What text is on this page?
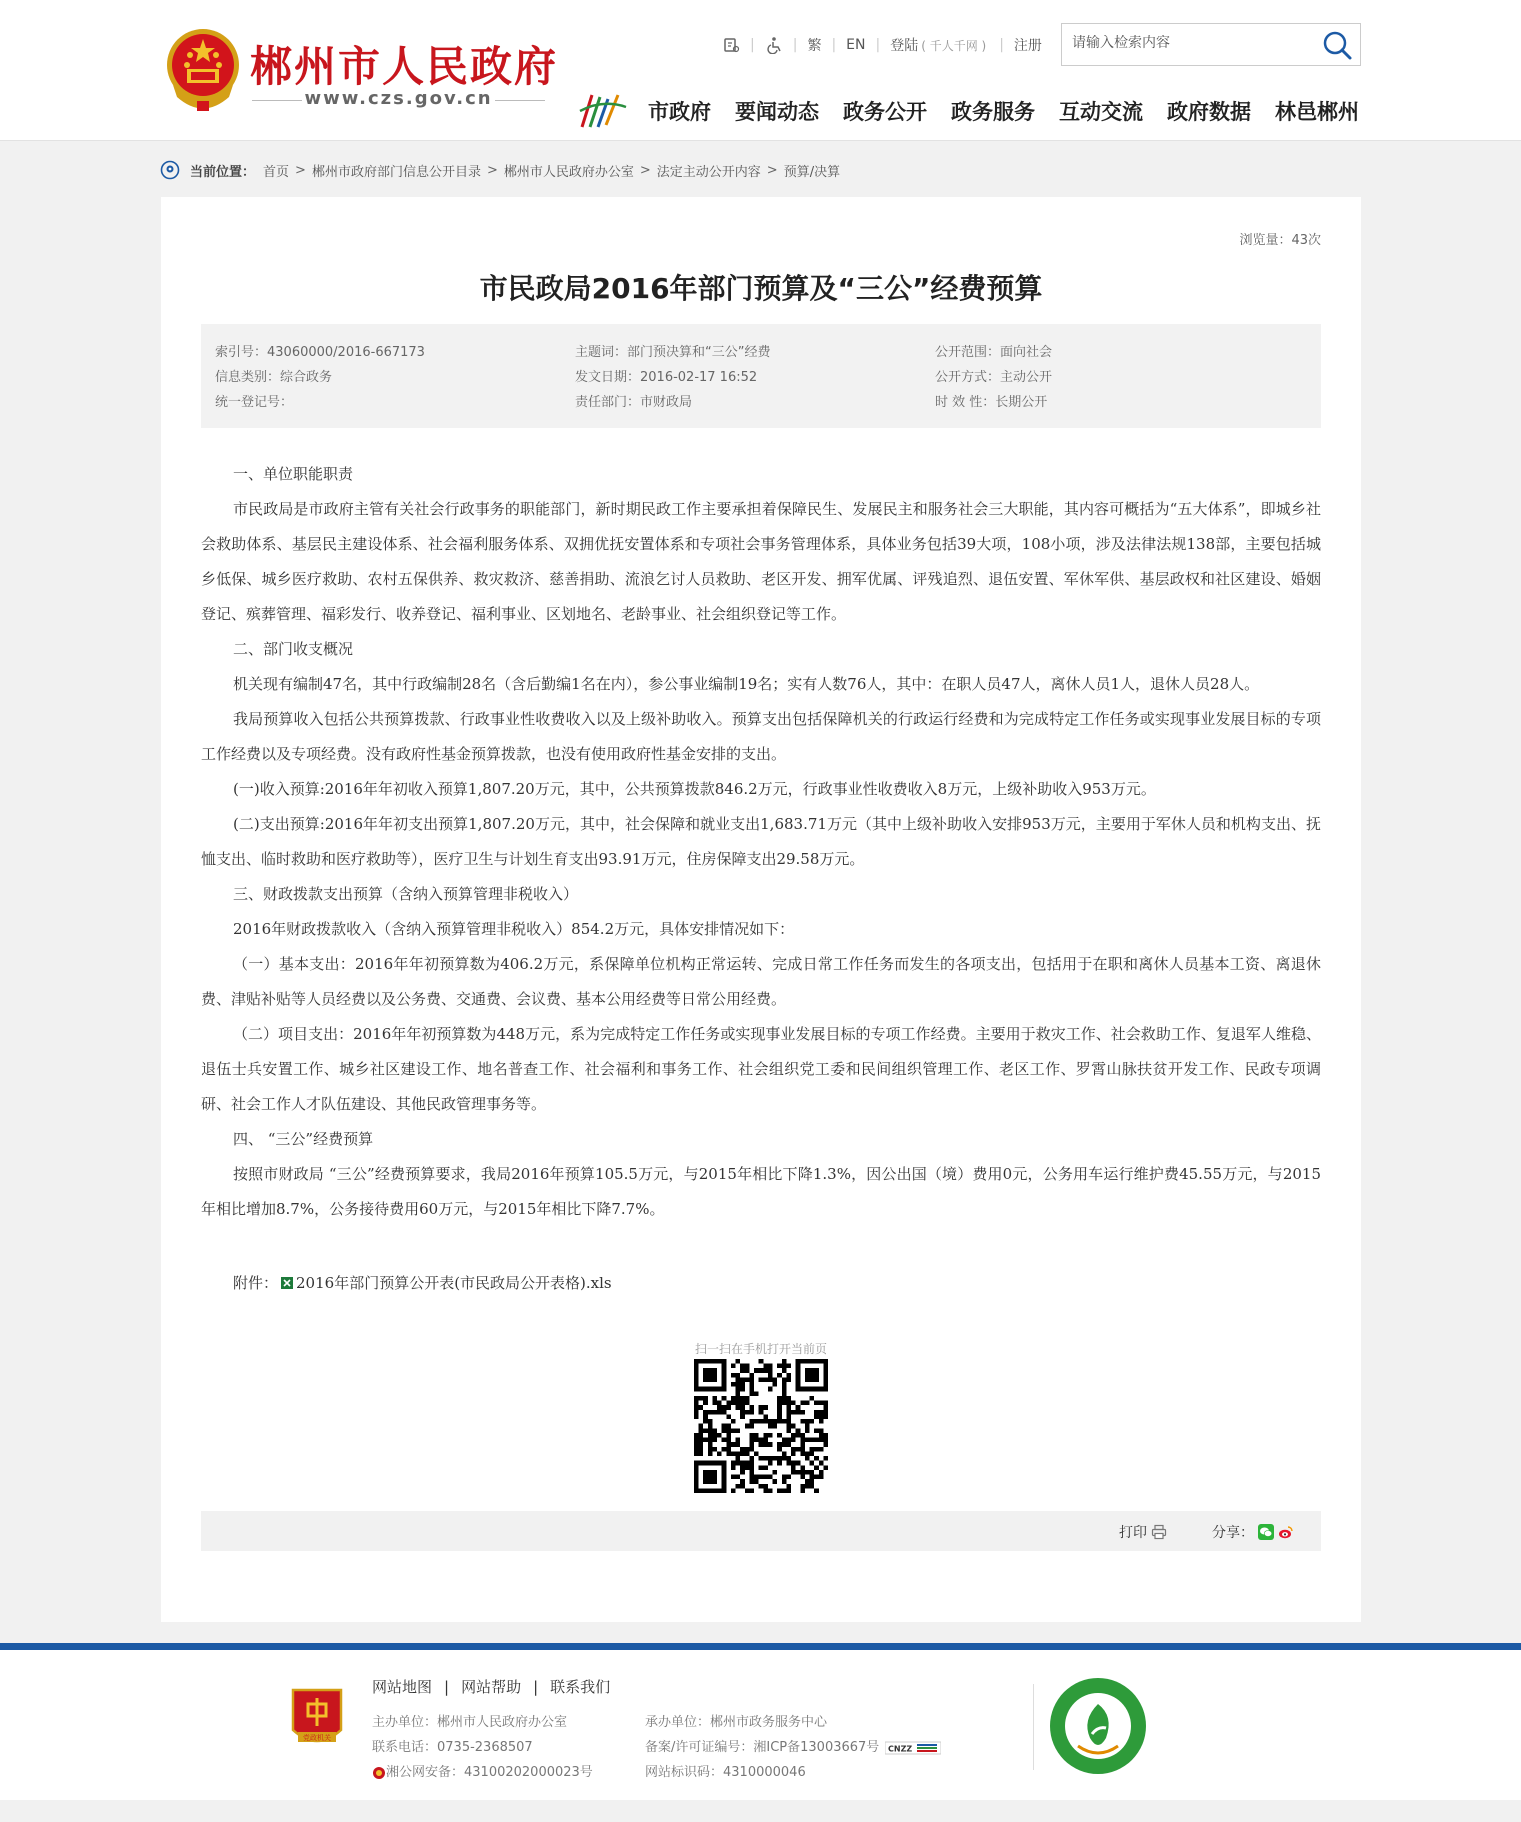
郴州市人民政府
www.czs.gov.cn
|	| 繁 | EN | 登陆 ( 千人千网 ) | 注册
请输入检索内容
市政府 要闻动态 政务公开 政务服务 互动交流 政府数据 林邑郴州
当前位置： 首页 > 郴州市政府部门信息公开目录 > 郴州市人民政府办公室 > 法定主动公开内容 > 预算/决算
浏览量：43次
市民政局2016年部门预算及“三公”经费预算
索引号：43060000/2016-667173
信息类别：综合政务
统一登记号：
主题词：部门预决算和“三公”经费
发文日期：2016-02-17 16:52
责任部门：市财政局
公开范围：面向社会
公开方式：主动公开
时 效 性：长期公开

一、单位职能职责

市民政局是市政府主管有关社会行政事务的职能部门，新时期民政工作主要承担着保障民生、发展民主和服务社会三大职能，其内容可概括为“五大体系”，即城乡社会救助体系、基层民主建设体系、社会福利服务体系、双拥优抚安置体系和专项社会事务管理体系，具体业务包括39大项，108小项，涉及法律法规138部，主要包括城乡低保、城乡医疗救助、农村五保供养、救灾救济、慈善捐助、流浪乞讨人员救助、老区开发、拥军优属、评残追烈、退伍安置、军休军供、基层政权和社区建设、婚姻登记、殡葬管理、福彩发行、收养登记、福利事业、区划地名、老龄事业、社会组织登记等工作。

二、部门收支概况

机关现有编制47名，其中行政编制28名（含后勤编1名在内），参公事业编制19名；实有人数76人，其中：在职人员47人，离休人员1人，退休人员28人。

我局预算收入包括公共预算拨款、行政事业性收费收入以及上级补助收入。预算支出包括保障机关的行政运行经费和为完成特定工作任务或实现事业发展目标的专项工作经费以及专项经费。没有政府性基金预算拨款，也没有使用政府性基金安排的支出。

(一)收入预算:2016年年初收入预算1,807.20万元，其中，公共预算拨款846.2万元，行政事业性收费收入8万元，上级补助收入953万元。

(二)支出预算:2016年年初支出预算1,807.20万元，其中，社会保障和就业支出1,683.71万元（其中上级补助收入安排953万元，主要用于军休人员和机构支出、抚恤支出、临时救助和医疗救助等），医疗卫生与计划生育支出93.91万元，住房保障支出29.58万元。

三、财政拨款支出预算（含纳入预算管理非税收入）

2016年财政拨款收入（含纳入预算管理非税收入）854.2万元，具体安排情况如下：

（一）基本支出：2016年年初预算数为406.2万元，系保障单位机构正常运转、完成日常工作任务而发生的各项支出，包括用于在职和离休人员基本工资、离退休费、津贴补贴等人员经费以及公务费、交通费、会议费、基本公用经费等日常公用经费。

（二）项目支出：2016年年初预算数为448万元，系为完成特定工作任务或实现事业发展目标的专项工作经费。主要用于救灾工作、社会救助工作、复退军人维稳、退伍士兵安置工作、城乡社区建设工作、地名普查工作、社会福利和事务工作、社会组织党工委和民间组织管理工作、老区工作、罗霄山脉扶贫开发工作、民政专项调研、社会工作人才队伍建设、其他民政管理事务等。

四、 “三公”经费预算

按照市财政局 “三公”经费预算要求，我局2016年预算105.5万元，与2015年相比下降1.3%，因公出国（境）费用0元，公务用车运行维护费45.55万元，与2015年相比增加8.7%，公务接待费用60万元，与2015年相比下降7.7%。

附件： 2016年部门预算公开表(市民政局公开表格).xls
扫一扫在手机打开当前页
打印	分享：
党政机关
网站地图 | 网站帮助 | 联系我们
主办单位：郴州市人民政府办公室
联系电话：0735-2368507
湘公网安备：43100202000023号
承办单位：郴州市政务服务中心
备案/许可证编号：湘ICP备13003667号 CNZZ
网站标识码：4310000046
